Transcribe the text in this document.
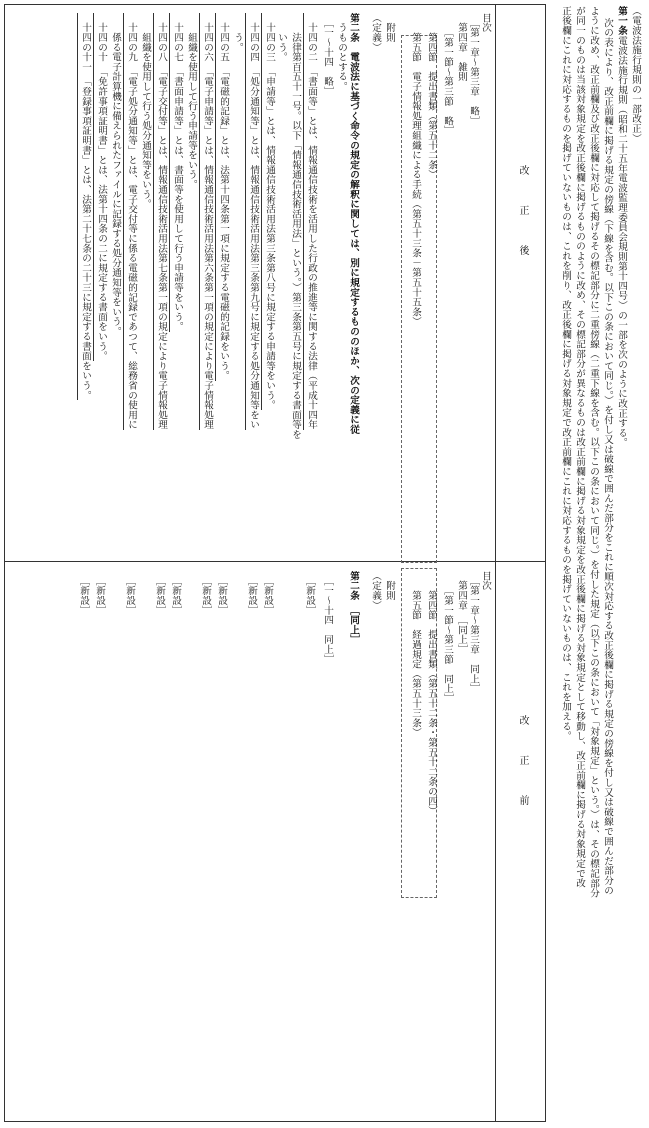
（電波法施行規則の一部改正）
第一条
電波法施行規則（昭和二十五年電波監理委員会規則第十四号）の一部を次のように改正する。
次の表により、改正前欄に掲げる規定の傍線（下線を含む。以下この条において同じ。）を付し又は破線で囲んだ部分をこれに順次対応する改正後欄に掲げる規定の傍線を付し又は破線で囲んだ部分の
ように改め、改正前欄及び改正後欄に対応して掲げるその標記部分に二重傍線（二重下線を含む。以下この条において同じ。）を付した規定（以下この条において「対象規定」という。）は、その標記部分
が同一のものは当該対象規定を改正後欄に掲げるもののように改め、その標記部分が異なるものは改正前欄に掲げる対象規定を改正後欄に掲げる対象規定として移動し、改正前欄に掲げる対象規定で改
正後欄にこれに対応するものを掲げていないものは、これを削り、改正後欄に掲げる対象規定で改正前欄にこれに対応するものを掲げていないものは、これを加える。
改　　　正　　　後
改　　　正　　　前
目次
　［第一章～第三章　略］
　第四章　雑則
　　［第一節～第三節　略］
　　第四節　提出書類（第五十二条）
　　第五節　電子情報処理組織による手続（第五十三条－第五十五条）
　附則
（定義）
第二条　電波法に基づく命令の規定の解釈に関しては、別に規定するもののほか、次の定義に従
　うものとする。
　［一～十四　略］
　十四の二　「書面等」とは、情報通信技術を活用した行政の推進等に関する法律（平成十四年
　　法律第百五十一号。以下「情報通信技術活用法」という。）第三条第五号に規定する書面等を
　　いう。
　十四の三　「申請等」とは、情報通信技術活用法第三条第八号に規定する申請等をいう。
　十四の四　「処分通知等」とは、情報通信技術活用法第三条第九号に規定する処分通知等をい
　　う。
　十四の五　「電磁的記録」とは、法第十四条第一項に規定する電磁的記録をいう。
　十四の六　「電子申請等」とは、情報通信技術活用法第六条第一項の規定により電子情報処理
　　組織を使用して行う申請等をいう。
　十四の七　「書面申請等」とは、書面等を使用して行う申請等をいう。
　十四の八　「電子交付等」とは、情報通信技術活用法第七条第一項の規定により電子情報処理
　　組織を使用して行う処分通知等をいう。
　十四の九　「電子処分通知等」とは、電子交付等に係る電磁的記録であつて、総務省の使用に
　　係る電子計算機に備えられたファイルに記録する処分通知等をいう。
　十四の十　「免許事項証明書」とは、法第十四条の二に規定する書面をいう。
　十四の十一　「登録事項証明書」とは、法第二十七条の二十三に規定する書面をいう。
目次
　［第一章～第三章　同上］
　第四章　［同上］
　　［第一節～第三節　同上］
　　第四節　提出書類（第五十二条・第五十二条の四）
　　第五節　経過規定（第五十三条）
　附則
（定義）
第二条　［同上］
　［一～十四　同上］
　［新設］
　［新設］
　［新設］
　［新設］
　［新設］
　［新設］
　［新設］
　［新設］
　［新設］
　［新設］
